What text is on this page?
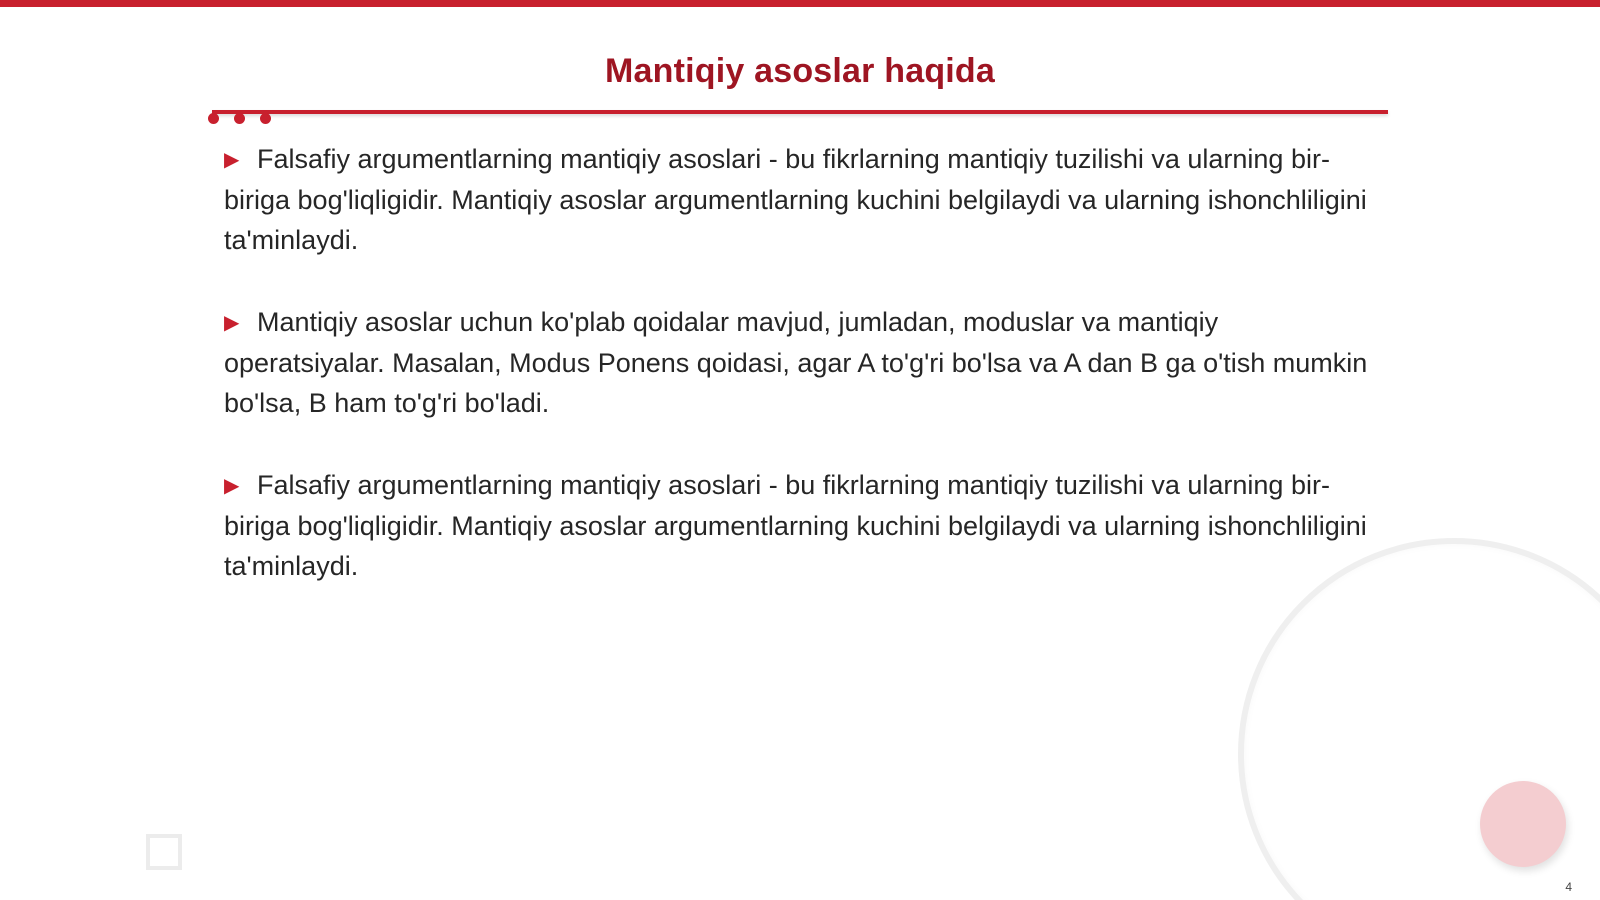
Mantiqiy asoslar haqida
▶ Falsafiy argumentlarning mantiqiy asoslari - bu fikrlarning mantiqiy tuzilishi va ularning bir-biriga bog'liqligidir. Mantiqiy asoslar argumentlarning kuchini belgilaydi va ularning ishonchliligini ta'minlaydi.
▶ Mantiqiy asoslar uchun ko'plab qoidalar mavjud, jumladan, moduslar va mantiqiy operatsiyalar. Masalan, Modus Ponens qoidasi, agar A to'g'ri bo'lsa va A dan B ga o'tish mumkin bo'lsa, B ham to'g'ri bo'ladi.
▶ Falsafiy argumentlarning mantiqiy asoslari - bu fikrlarning mantiqiy tuzilishi va ularning bir-biriga bog'liqligidir. Mantiqiy asoslar argumentlarning kuchini belgilaydi va ularning ishonchliligini ta'minlaydi.
4
